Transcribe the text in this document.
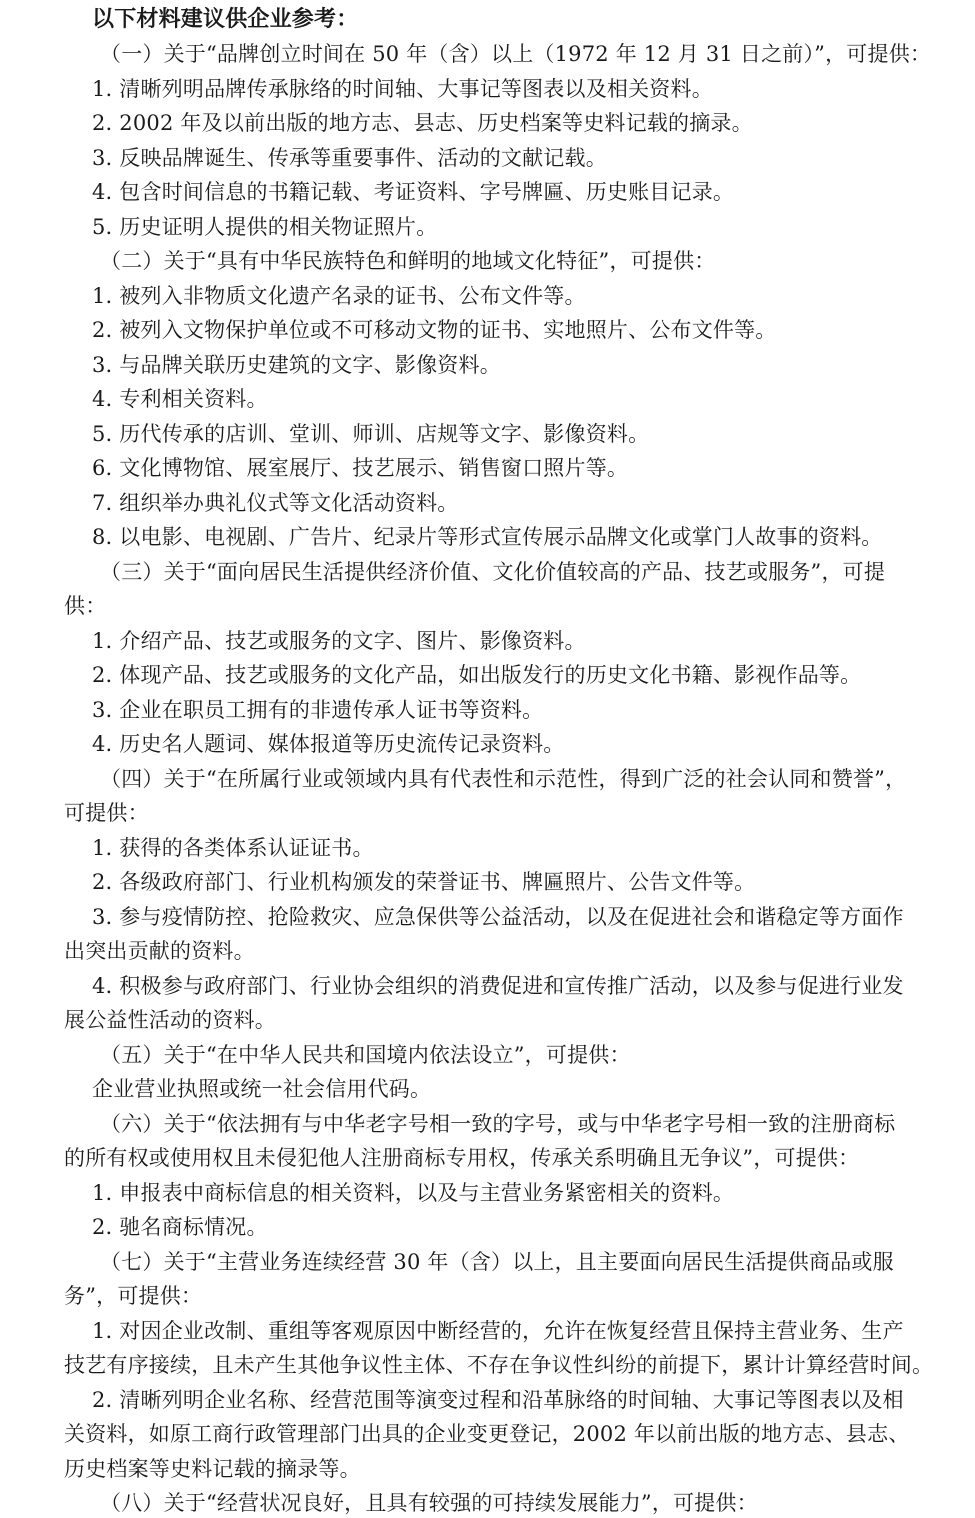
以下材料建议供企业参考：
（一）关于“品牌创立时间在 50 年（含）以上（1972 年 12 月 31 日之前）”，可提供：
1. 清晰列明品牌传承脉络的时间轴、大事记等图表以及相关资料。
2. 2002 年及以前出版的地方志、县志、历史档案等史料记载的摘录。
3. 反映品牌诞生、传承等重要事件、活动的文献记载。
4. 包含时间信息的书籍记载、考证资料、字号牌匾、历史账目记录。
5. 历史证明人提供的相关物证照片。
（二）关于“具有中华民族特色和鲜明的地域文化特征”，可提供：
1. 被列入非物质文化遗产名录的证书、公布文件等。
2. 被列入文物保护单位或不可移动文物的证书、实地照片、公布文件等。
3. 与品牌关联历史建筑的文字、影像资料。
4. 专利相关资料。
5. 历代传承的店训、堂训、师训、店规等文字、影像资料。
6. 文化博物馆、展室展厅、技艺展示、销售窗口照片等。
7. 组织举办典礼仪式等文化活动资料。
8. 以电影、电视剧、广告片、纪录片等形式宣传展示品牌文化或掌门人故事的资料。
（三）关于“面向居民生活提供经济价值、文化价值较高的产品、技艺或服务”，可提
供：
1. 介绍产品、技艺或服务的文字、图片、影像资料。
2. 体现产品、技艺或服务的文化产品，如出版发行的历史文化书籍、影视作品等。
3. 企业在职员工拥有的非遗传承人证书等资料。
4. 历史名人题词、媒体报道等历史流传记录资料。
（四）关于“在所属行业或领域内具有代表性和示范性，得到广泛的社会认同和赞誉”，
可提供：
1. 获得的各类体系认证证书。
2. 各级政府部门、行业机构颁发的荣誉证书、牌匾照片、公告文件等。
3. 参与疫情防控、抢险救灾、应急保供等公益活动，以及在促进社会和谐稳定等方面作
出突出贡献的资料。
4. 积极参与政府部门、行业协会组织的消费促进和宣传推广活动，以及参与促进行业发
展公益性活动的资料。
（五）关于“在中华人民共和国境内依法设立”，可提供：
企业营业执照或统一社会信用代码。
（六）关于“依法拥有与中华老字号相一致的字号，或与中华老字号相一致的注册商标
的所有权或使用权且未侵犯他人注册商标专用权，传承关系明确且无争议”，可提供：
1. 申报表中商标信息的相关资料，以及与主营业务紧密相关的资料。
2. 驰名商标情况。
（七）关于“主营业务连续经营 30 年（含）以上，且主要面向居民生活提供商品或服
务”，可提供：
1. 对因企业改制、重组等客观原因中断经营的，允许在恢复经营且保持主营业务、生产
技艺有序接续，且未产生其他争议性主体、不存在争议性纠纷的前提下，累计计算经营时间。
2. 清晰列明企业名称、经营范围等演变过程和沿革脉络的时间轴、大事记等图表以及相
关资料，如原工商行政管理部门出具的企业变更登记，2002 年以前出版的地方志、县志、
历史档案等史料记载的摘录等。
（八）关于“经营状况良好，且具有较强的可持续发展能力”，可提供：
